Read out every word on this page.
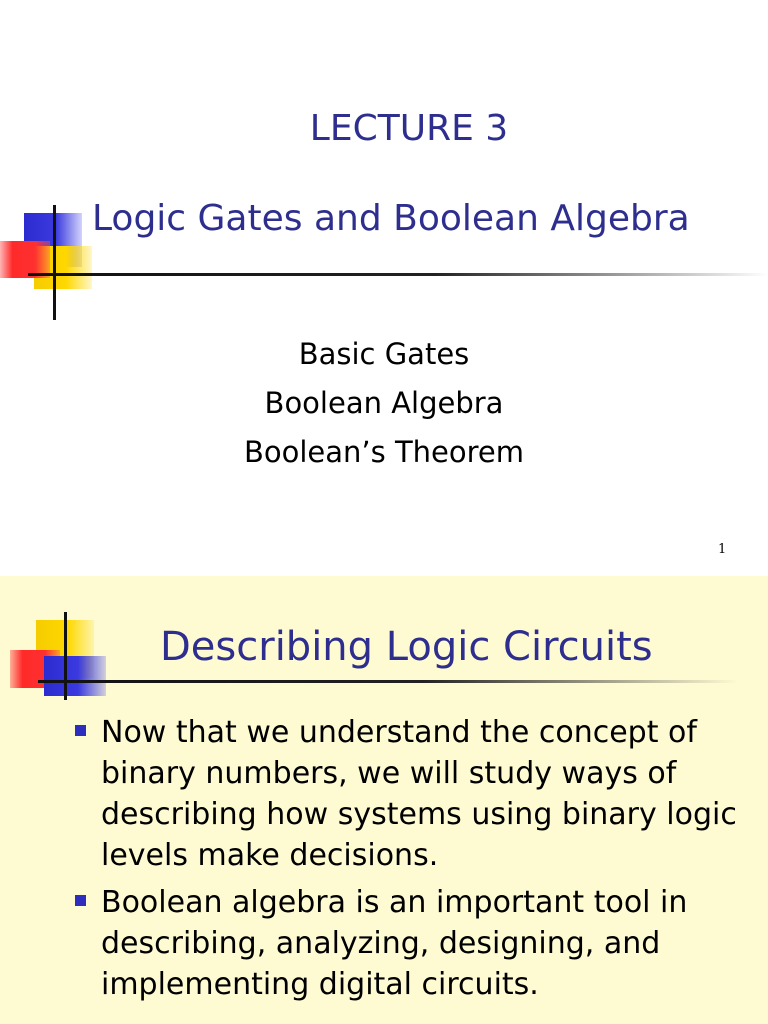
LECTURE 3
Logic Gates and Boolean Algebra
Basic Gates
Boolean Algebra
Boolean’s Theorem
1
Describing Logic Circuits
Now that we understand the concept of binary numbers, we will study ways of describing how systems using binary logic levels make decisions.
Boolean algebra is an important tool in describing, analyzing, designing, and implementing digital circuits.
